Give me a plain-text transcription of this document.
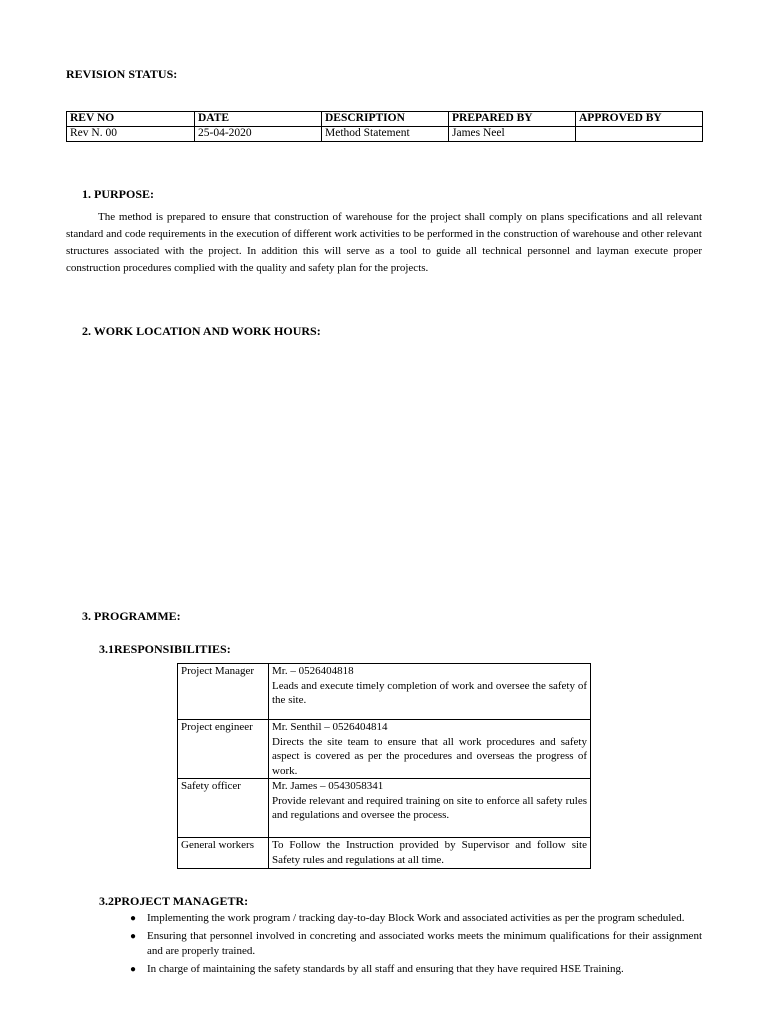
REVISION STATUS:
REV NO	DATE	DESCRIPTION	PREPARED BY	APPROVED BY
Rev N. 00	25-04-2020	Method Statement	James Neel	
1. PURPOSE:
The method is prepared to ensure that construction of warehouse for the project shall comply on plans specifications and all relevant standard and code requirements in the execution of different work activities to be performed in the construction of warehouse and other relevant structures associated with the project. In addition this will serve as a tool to guide all technical personnel and layman execute proper construction procedures complied with the quality and safety plan for the projects.
2. WORK LOCATION AND WORK HOURS:
3. PROGRAMME:
3.1RESPONSIBILITIES:
Project Manager	Mr. – 0526404818
Leads and execute timely completion of work and oversee the safety of the site.

Project engineer	Mr. Senthil – 0526404814
Directs the site team to ensure that all work procedures and safety aspect is covered as per the procedures and overseas the progress of work.

Safety officer	Mr. James – 0543058341
Provide relevant and required training on site to enforce all safety rules and regulations and oversee the process.

General workers	To Follow the Instruction provided by Supervisor and follow site Safety rules and regulations at all time.
3.2PROJECT MANAGETR:
● Implementing the work program / tracking day-to-day Block Work and associated activities as per the program scheduled.
● Ensuring that personnel involved in concreting and associated works meets the minimum qualifications for their assignment and are properly trained.
● In charge of maintaining the safety standards by all staff and ensuring that they have required HSE Training.
